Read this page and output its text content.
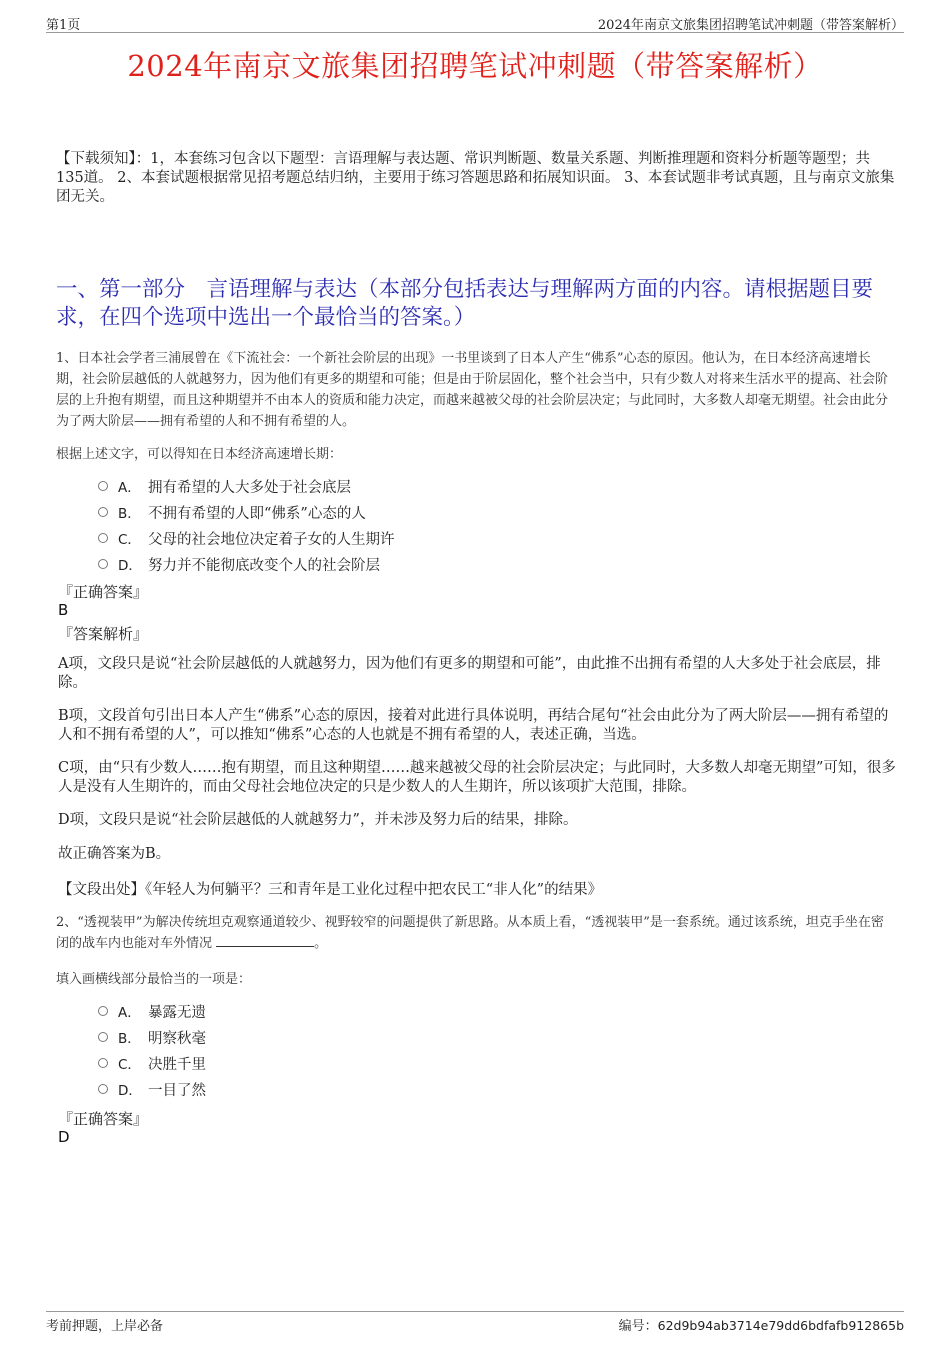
第1页	2024年南京文旅集团招聘笔试冲刺题（带答案解析）
2024年南京文旅集团招聘笔试冲刺题（带答案解析）
【下载须知】：1，本套练习包含以下题型：言语理解与表达题、常识判断题、数量关系题、判断推理题和资料分析题等题型；共135道。 2、本套试题根据常见招考题总结归纳，主要用于练习答题思路和拓展知识面。 3、本套试题非考试真题，且与南京文旅集团无关。
一、第一部分　言语理解与表达（本部分包括表达与理解两方面的内容。请根据题目要求，在四个选项中选出一个最恰当的答案。）
1、日本社会学者三浦展曾在《下流社会：一个新社会阶层的出现》一书里谈到了日本人产生“佛系”心态的原因。他认为，在日本经济高速增长期，社会阶层越低的人就越努力，因为他们有更多的期望和可能；但是由于阶层固化，整个社会当中，只有少数人对将来生活水平的提高、社会阶层的上升抱有期望，而且这种期望并不由本人的资质和能力决定，而越来越被父母的社会阶层决定；与此同时，大多数人却毫无期望。社会由此分为了两大阶层——拥有希望的人和不拥有希望的人。
根据上述文字，可以得知在日本经济高速增长期：
A． 拥有希望的人大多处于社会底层
B． 不拥有希望的人即“佛系”心态的人
C． 父母的社会地位决定着子女的人生期许
D． 努力并不能彻底改变个人的社会阶层
『正确答案』
B
『答案解析』
A项，文段只是说“社会阶层越低的人就越努力，因为他们有更多的期望和可能”，由此推不出拥有希望的人大多处于社会底层，排除。
B项，文段首句引出日本人产生“佛系”心态的原因，接着对此进行具体说明，再结合尾句“社会由此分为了两大阶层——拥有希望的人和不拥有希望的人”，可以推知“佛系”心态的人也就是不拥有希望的人，表述正确，当选。
C项，由“只有少数人……抱有期望，而且这种期望……越来越被父母的社会阶层决定；与此同时，大多数人却毫无期望”可知，很多人是没有人生期许的，而由父母社会地位决定的只是少数人的人生期许，所以该项扩大范围，排除。
D项，文段只是说“社会阶层越低的人就越努力”，并未涉及努力后的结果，排除。
故正确答案为B。
【文段出处】《年轻人为何躺平？三和青年是工业化过程中把农民工“非人化”的结果》
2、“透视装甲”为解决传统坦克观察通道较少、视野较窄的问题提供了新思路。从本质上看，“透视装甲”是一套系统。通过该系统，坦克手坐在密闭的战车内也能对车外情况	。
填入画横线部分最恰当的一项是：
A． 暴露无遗
B． 明察秋毫
C． 决胜千里
D． 一目了然
『正确答案』
D
考前押题，上岸必备	编号：62d9b94ab3714e79dd6bdfafb912865b
